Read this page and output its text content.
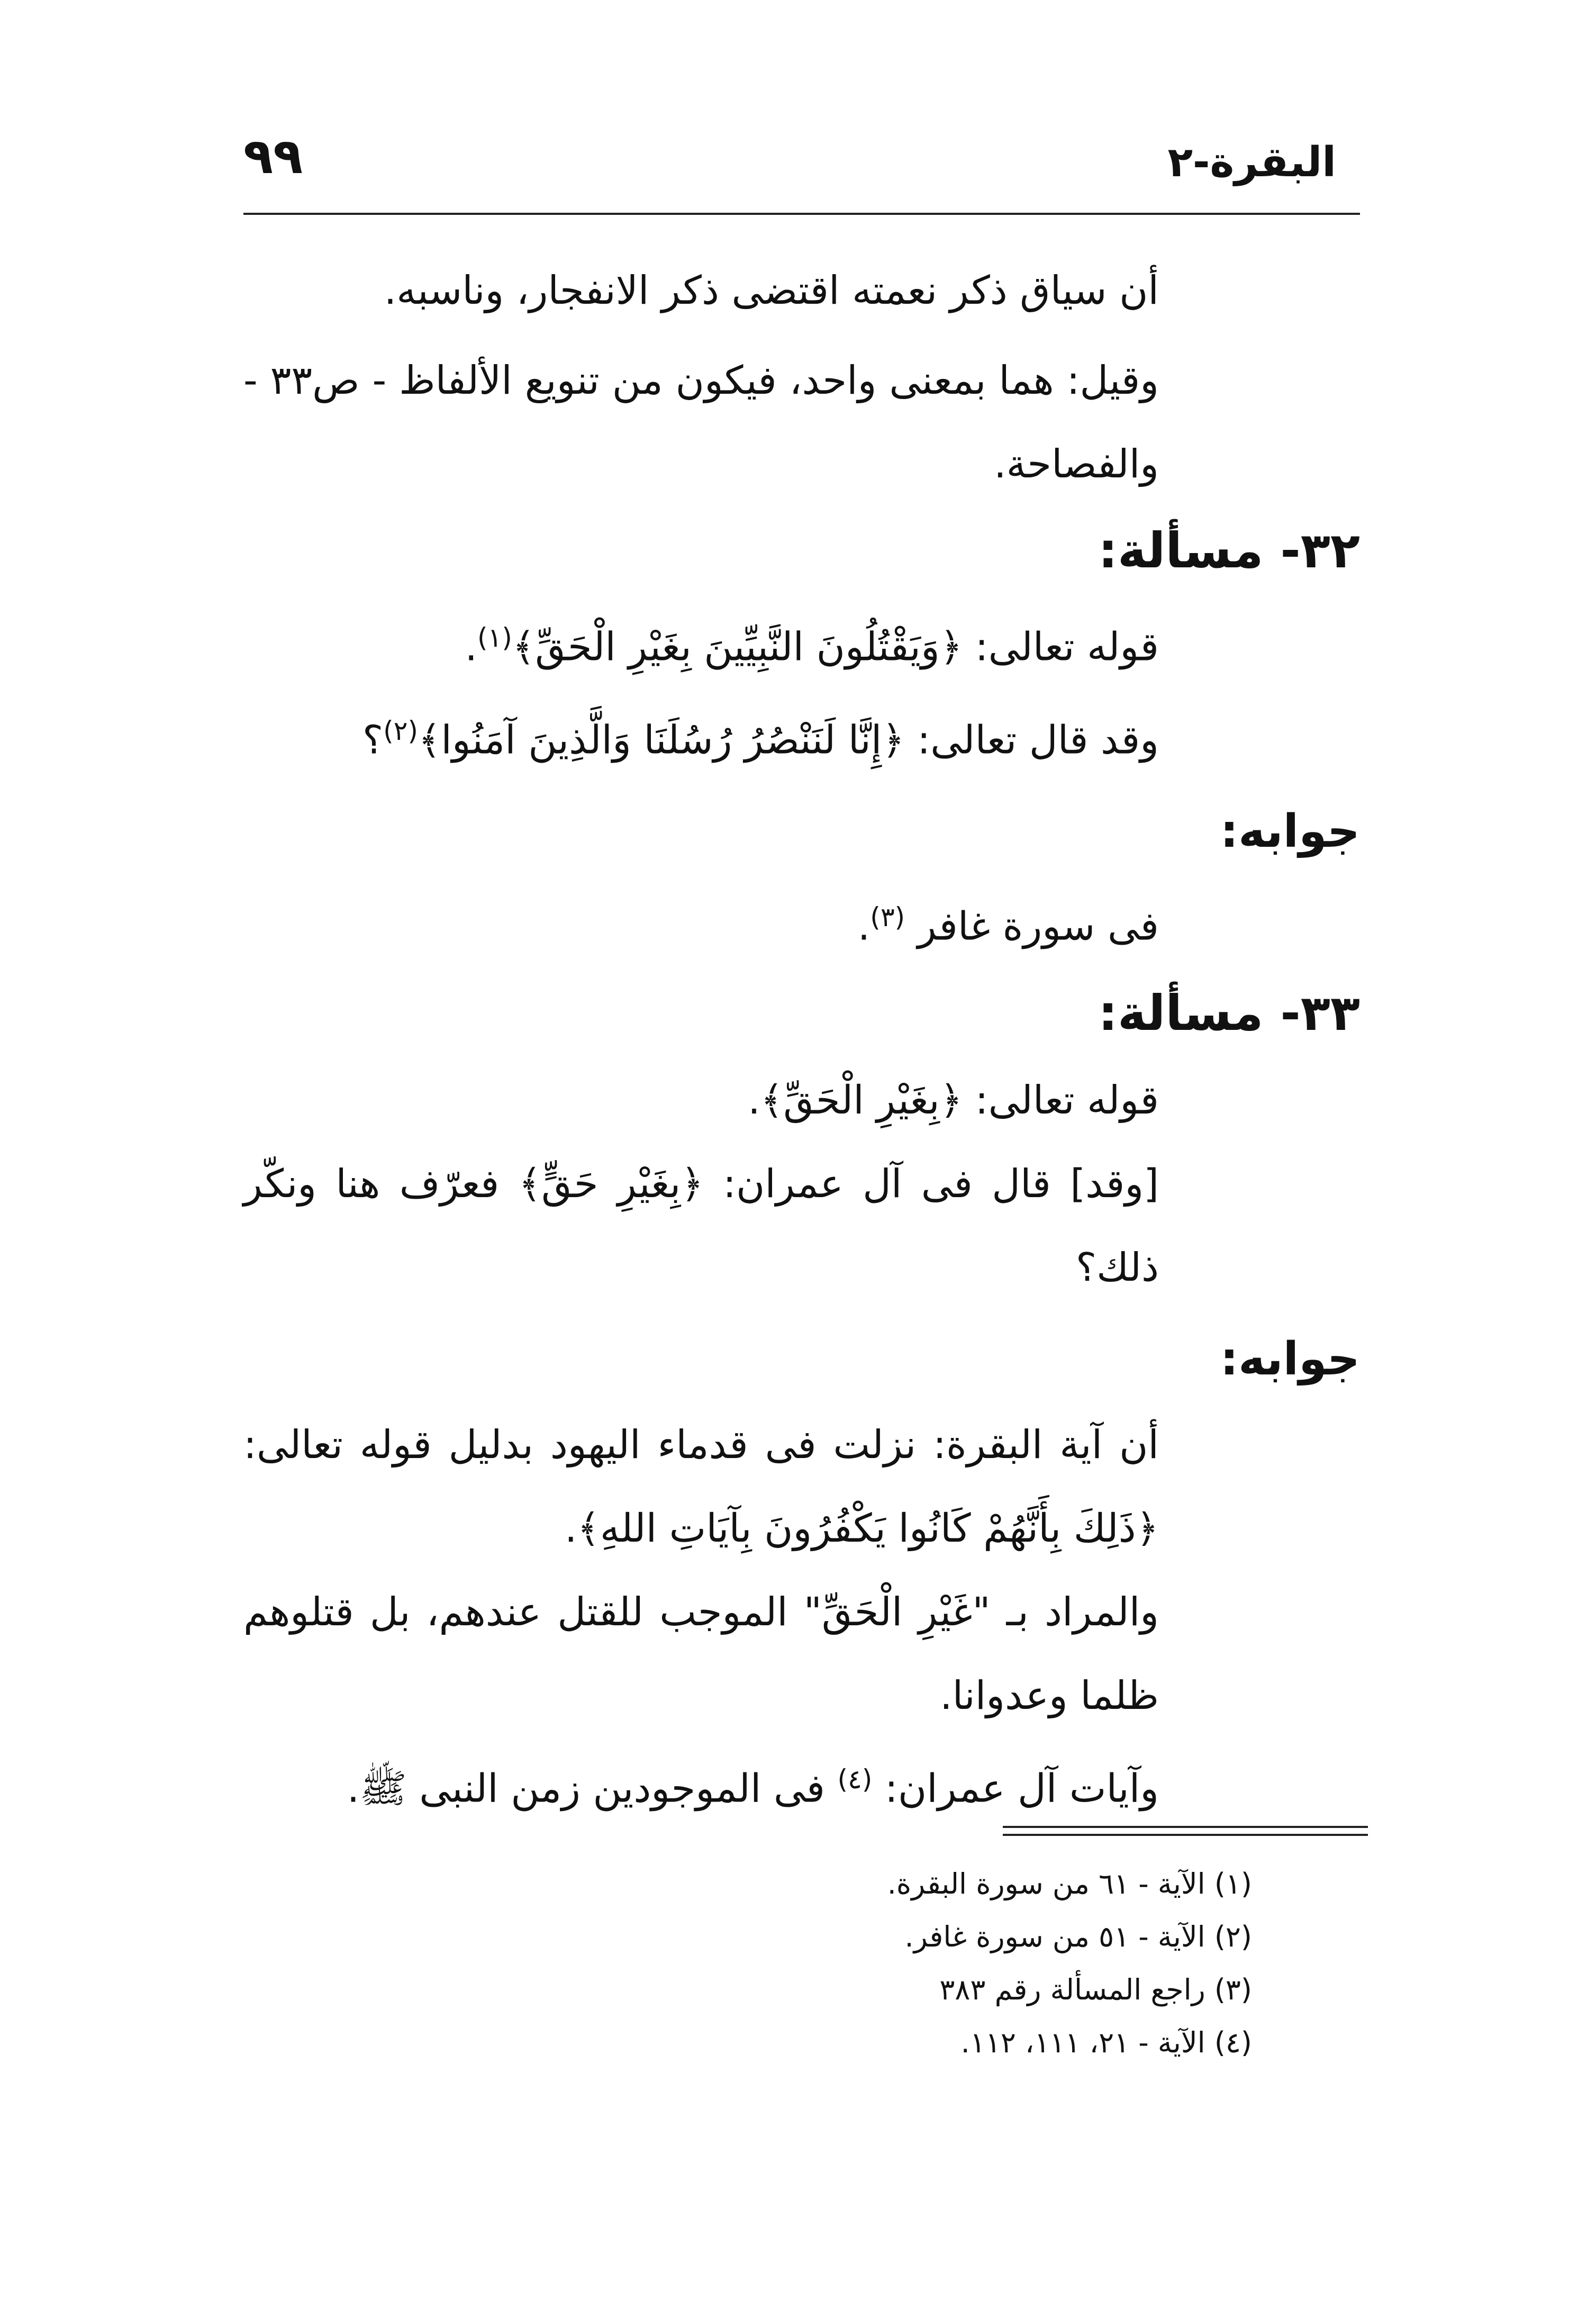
البقرة-٢
٩٩

أن سياق ذكر نعمته اقتضى ذكر الانفجار، وناسبه.

وقيل: هما بمعنى واحد، فيكون من تنويع الألفاظ - ص٣٣ - والفصاحة.

٣٢- مسألة:

قوله تعالى: ﴿وَيَقْتُلُونَ النَّبِيِّينَ بِغَيْرِ الْحَقِّ﴾$^{(١)}$.

وقد قال تعالى: ﴿إِنَّا لَنَنْصُرُ رُسُلَنَا وَالَّذِينَ آمَنُوا﴾$^{(٢)}$؟

جوابه:

فى سورة غافر $^{(٣)}$.

٣٣- مسألة:

قوله تعالى: ﴿بِغَيْرِ الْحَقِّ﴾.

[وقد] قال فى آل عمران: ﴿بِغَيْرِ حَقٍّ﴾ فعرّف هنا ونكّر ذلك؟

جوابه:

أن آية البقرة: نزلت فى قدماء اليهود بدليل قوله تعالى: ﴿ذَلِكَ بِأَنَّهُمْ كَانُوا يَكْفُرُونَ بِآيَاتِ اللهِ﴾.

والمراد بـ "غَيْرِ الْحَقِّ" الموجب للقتل عندهم، بل قتلوهم ظلما وعدوانا.

وآيات آل عمران: $^{(٤)}$ فى الموجودين زمن النبى ﷺ.

(١) الآية - ٦١ من سورة البقرة.

(٢) الآية - ٥١ من سورة غافر.

(٣) راجع المسألة رقم ٣٨٣

(٤) الآية - ٢١، ١١١، ١١٢.
